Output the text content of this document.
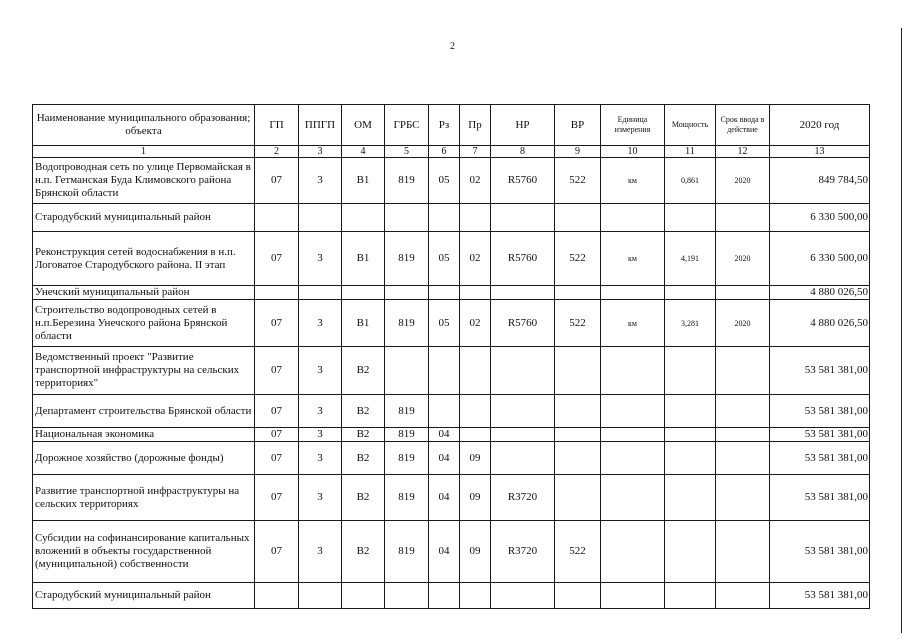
2
Наименование муниципального образования; объекта	ГП	ППГП	ОМ	ГРБС	Рз	Пр	НР	ВР	Единица измерения	Мощность	Срок ввода в действие	2020 год
1	2	3	4	5	6	7	8	9	10	11	12	13
Водопроводная сеть по улице Первомайская в н.п. Гетманская Буда Климовского района Брянской области	07	3	В1	819	05	02	R5760	522	км	0,861	2020	849 784,50
Стародубский муниципальный район												6 330 500,00
Реконструкция сетей водоснабжения в н.п. Логоватое Стародубского района. II этап	07	3	В1	819	05	02	R5760	522	км	4,191	2020	6 330 500,00
Унечский муниципальный район												4 880 026,50
Строительство водопроводных сетей в н.п.Березина Унечского района Брянской области	07	3	В1	819	05	02	R5760	522	км	3,281	2020	4 880 026,50
Ведомственный проект "Развитие транспортной инфраструктуры на сельских территориях"	07	3	В2									53 581 381,00
Департамент строительства Брянской области	07	3	В2	819								53 581 381,00
Национальная экономика	07	3	В2	819	04							53 581 381,00
Дорожное хозяйство (дорожные фонды)	07	3	В2	819	04	09						53 581 381,00
Развитие транспортной инфраструктуры на сельских территориях	07	3	В2	819	04	09	R3720					53 581 381,00
Субсидии на софинансирование капитальных вложений в объекты государственной (муниципальной) собственности	07	3	В2	819	04	09	R3720	522				53 581 381,00
Стародубский муниципальный район												53 581 381,00
